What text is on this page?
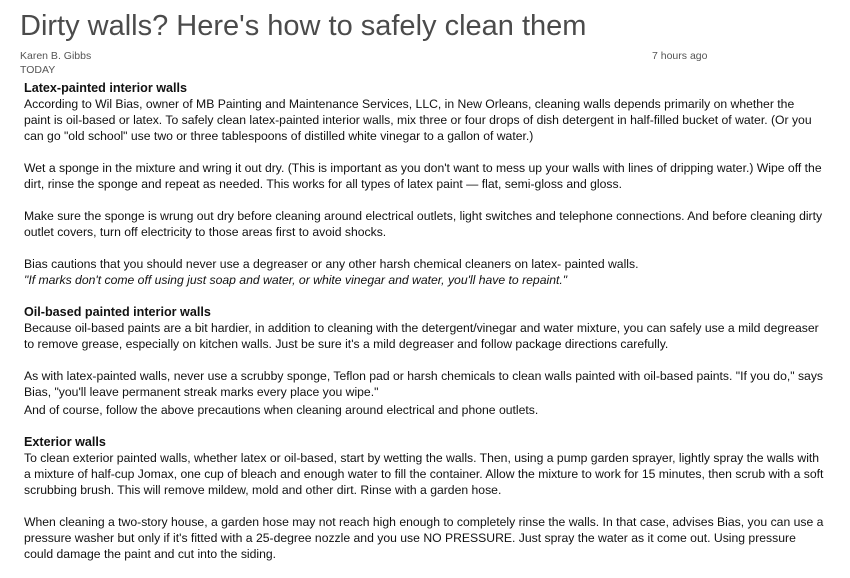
Dirty walls? Here's how to safely clean them
Karen B. Gibbs
TODAY
7 hours ago
Latex-painted interior walls

According to Wil Bias, owner of MB Painting and Maintenance Services, LLC, in New Orleans, cleaning walls depends primarily on whether the paint is oil-based or latex. To safely clean latex-painted interior walls, mix three or four drops of dish detergent in half-filled bucket of water. (Or you can go "old school" use two or three tablespoons of distilled white vinegar to a gallon of water.)

Wet a sponge in the mixture and wring it out dry. (This is important as you don't want to mess up your walls with lines of dripping water.) Wipe off the dirt, rinse the sponge and repeat as needed. This works for all types of latex paint — flat, semi-gloss and gloss.

Make sure the sponge is wrung out dry before cleaning around electrical outlets, light switches and telephone connections. And before cleaning dirty outlet covers, turn off electricity to those areas first to avoid shocks.

Bias cautions that you should never use a degreaser or any other harsh chemical cleaners on latex- painted walls.

"If marks don't come off using just soap and water, or white vinegar and water, you'll have to repaint."

Oil-based painted interior walls

Because oil-based paints are a bit hardier, in addition to cleaning with the detergent/vinegar and water mixture, you can safely use a mild degreaser to remove grease, especially on kitchen walls. Just be sure it's a mild degreaser and follow package directions carefully.

As with latex-painted walls, never use a scrubby sponge, Teflon pad or harsh chemicals to clean walls painted with oil-based paints. "If you do," says Bias, "you'll leave permanent streak marks every place you wipe."

And of course, follow the above precautions when cleaning around electrical and phone outlets.

Exterior walls

To clean exterior painted walls, whether latex or oil-based, start by wetting the walls. Then, using a pump garden sprayer, lightly spray the walls with a mixture of half-cup Jomax, one cup of bleach and enough water to fill the container. Allow the mixture to work for 15 minutes, then scrub with a soft scrubbing brush. This will remove mildew, mold and other dirt. Rinse with a garden hose.

When cleaning a two-story house, a garden hose may not reach high enough to completely rinse the walls. In that case, advises Bias, you can use a pressure washer but only if it's fitted with a 25-degree nozzle and you use NO PRESSURE. Just spray the water as it come out. Using pressure could damage the paint and cut into the siding.
